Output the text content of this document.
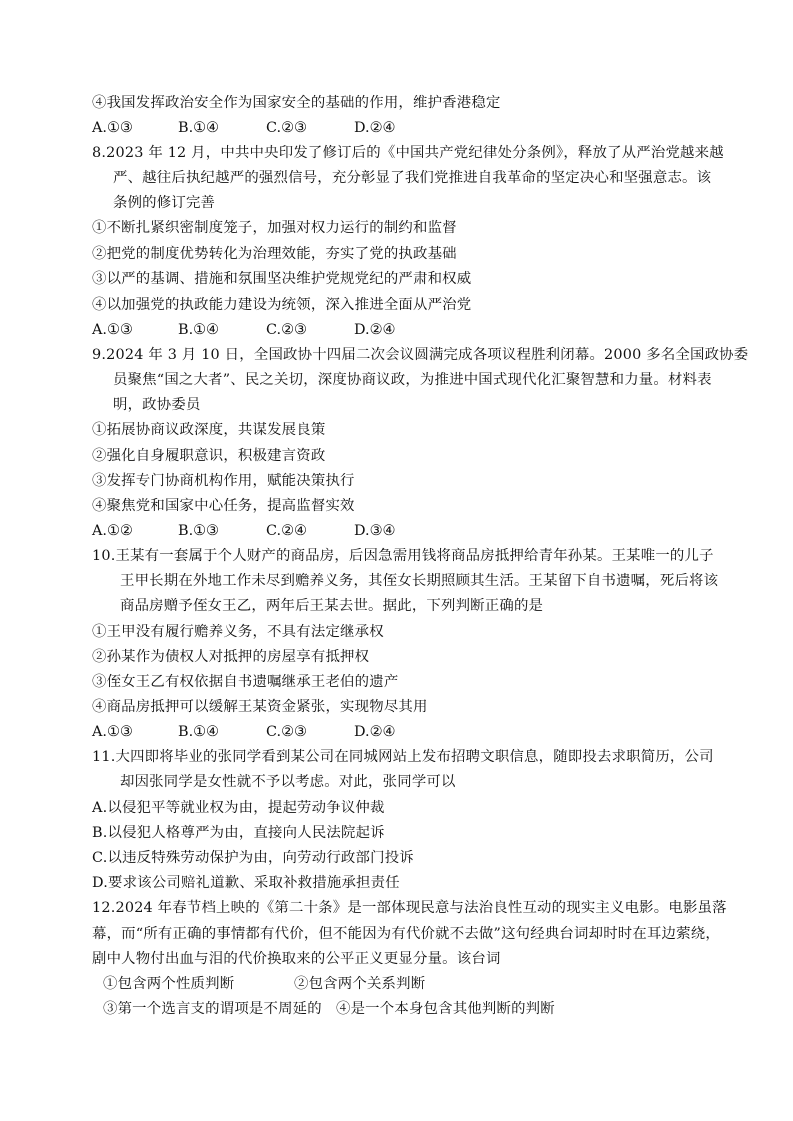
④我国发挥政治安全作为国家安全的基础的作用，维护香港稳定
A.①③	B.①④	C.②③	D.②④
8.2023 年 12 月，中共中央印发了修订后的《中国共产党纪律处分条例》，释放了从严治党越来越
严、越往后执纪越严的强烈信号，充分彰显了我们党推进自我革命的坚定决心和坚强意志。该
条例的修订完善
①不断扎紧织密制度笼子，加强对权力运行的制约和监督
②把党的制度优势转化为治理效能，夯实了党的执政基础
③以严的基调、措施和氛围坚决维护党规党纪的严肃和权威
④以加强党的执政能力建设为统领，深入推进全面从严治党
A.①③	B.①④	C.②③	D.②④
9.2024 年 3 月 10 日，全国政协十四届二次会议圆满完成各项议程胜利闭幕。2000 多名全国政协委
员聚焦“国之大者”、民之关切，深度协商议政，为推进中国式现代化汇聚智慧和力量。材料表
明，政协委员
①拓展协商议政深度，共谋发展良策
②强化自身履职意识，积极建言资政
③发挥专门协商机构作用，赋能决策执行
④聚焦党和国家中心任务，提高监督实效
A.①②	B.①③	C.②④	D.③④
10.王某有一套属于个人财产的商品房，后因急需用钱将商品房抵押给青年孙某。王某唯一的儿子
王甲长期在外地工作未尽到赡养义务，其侄女长期照顾其生活。王某留下自书遗嘱，死后将该
商品房赠予侄女王乙，两年后王某去世。据此，下列判断正确的是
①王甲没有履行赡养义务，不具有法定继承权
②孙某作为债权人对抵押的房屋享有抵押权
③侄女王乙有权依据自书遗嘱继承王老伯的遗产
④商品房抵押可以缓解王某资金紧张，实现物尽其用
A.①③	B.①④	C.②③	D.②④
11.大四即将毕业的张同学看到某公司在同城网站上发布招聘文职信息，随即投去求职简历，公司
却因张同学是女性就不予以考虑。对此，张同学可以
A.以侵犯平等就业权为由，提起劳动争议仲裁
B.以侵犯人格尊严为由，直接向人民法院起诉
C.以违反特殊劳动保护为由，向劳动行政部门投诉
D.要求该公司赔礼道歉、采取补救措施承担责任
12.2024 年春节档上映的《第二十条》是一部体现民意与法治良性互动的现实主义电影。电影虽落
幕，而“所有正确的事情都有代价，但不能因为有代价就不去做”这句经典台词却时时在耳边萦绕，
剧中人物付出血与泪的代价换取来的公平正义更显分量。该台词
①包含两个性质判断	②包含两个关系判断
③第一个选言支的谓项是不周延的 ④是一个本身包含其他判断的判断
